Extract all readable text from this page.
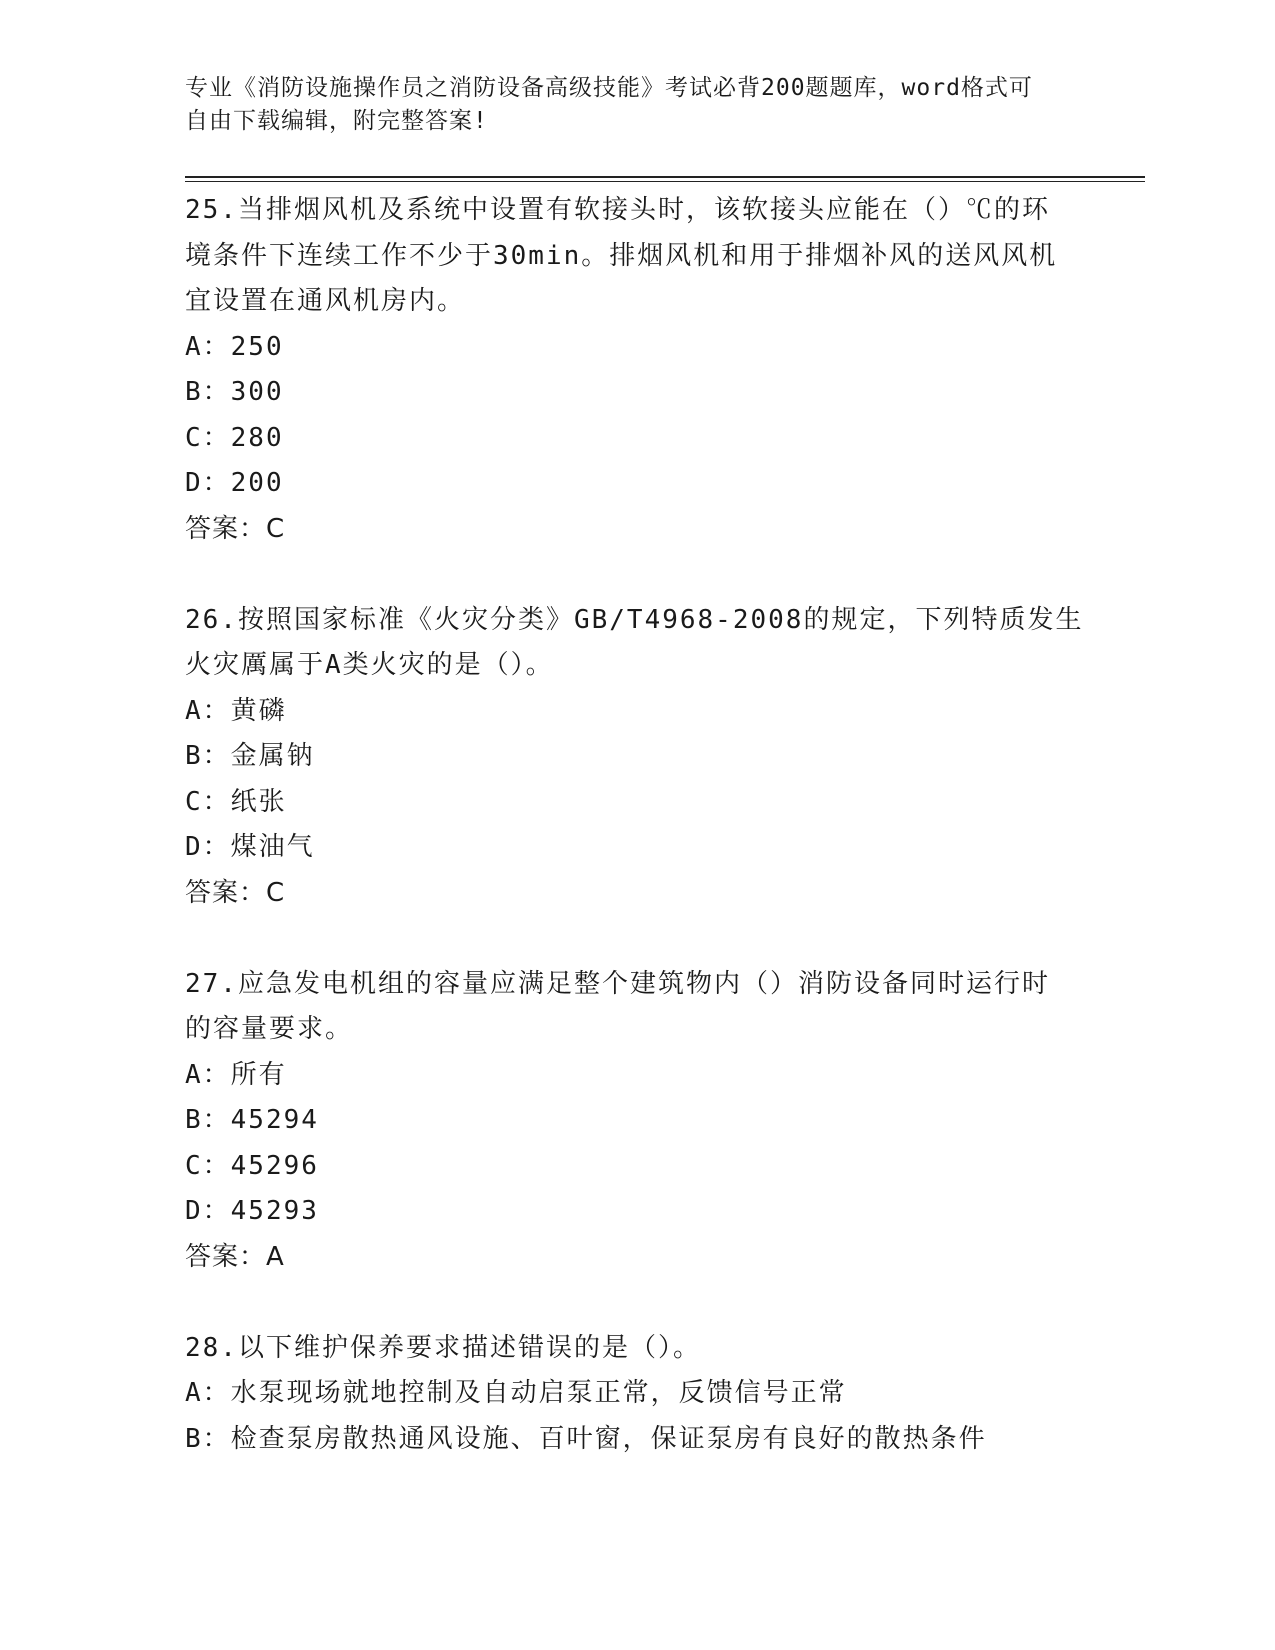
专业《消防设施操作员之消防设备高级技能》考试必背200题题库，word格式可
自由下载编辑，附完整答案!
25.当排烟风机及系统中设置有软接头时，该软接头应能在（）℃的环
境条件下连续工作不少于30min。排烟风机和用于排烟补风的送风风机
宜设置在通风机房内。
A：250
B：300
C：280
D：200
答案：C
26.按照国家标准《火灾分类》GB/T4968-2008的规定，下列特质发生
火灾厲属于A类火灾的是（）。
A：黄磷
B：金属钠
C：纸张
D：煤油气
答案：C
27.应急发电机组的容量应满足整个建筑物内（）消防设备同时运行时
的容量要求。
A：所有
B：45294
C：45296
D：45293
答案：A
28.以下维护保养要求描述错误的是（）。
A：水泵现场就地控制及自动启泵正常，反馈信号正常
B：检查泵房散热通风设施、百叶窗，保证泵房有良好的散热条件
